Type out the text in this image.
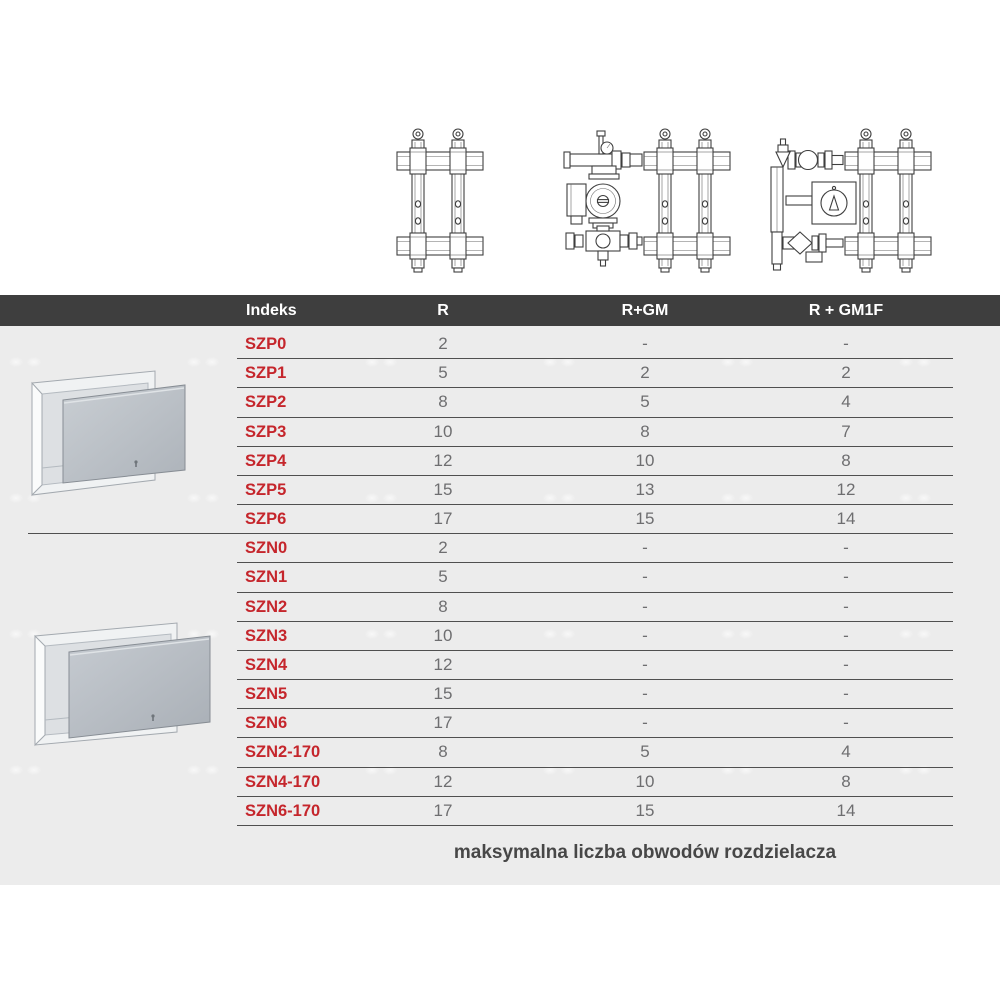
Indeks	R	R+GM	R + GM1F
SZP0	2	-	-
SZP1	5	2	2
SZP2	8	5	4
SZP3	10	8	7
SZP4	12	10	8
SZP5	15	13	12
SZP6	17	15	14
SZN0	2	-	-
SZN1	5	-	-
SZN2	8	-	-
SZN3	10	-	-
SZN4	12	-	-
SZN5	15	-	-
SZN6	17	-	-
SZN2-170	8	5	4
SZN4-170	12	10	8
SZN6-170	17	15	14
maksymalna liczba obwodów rozdzielacza
